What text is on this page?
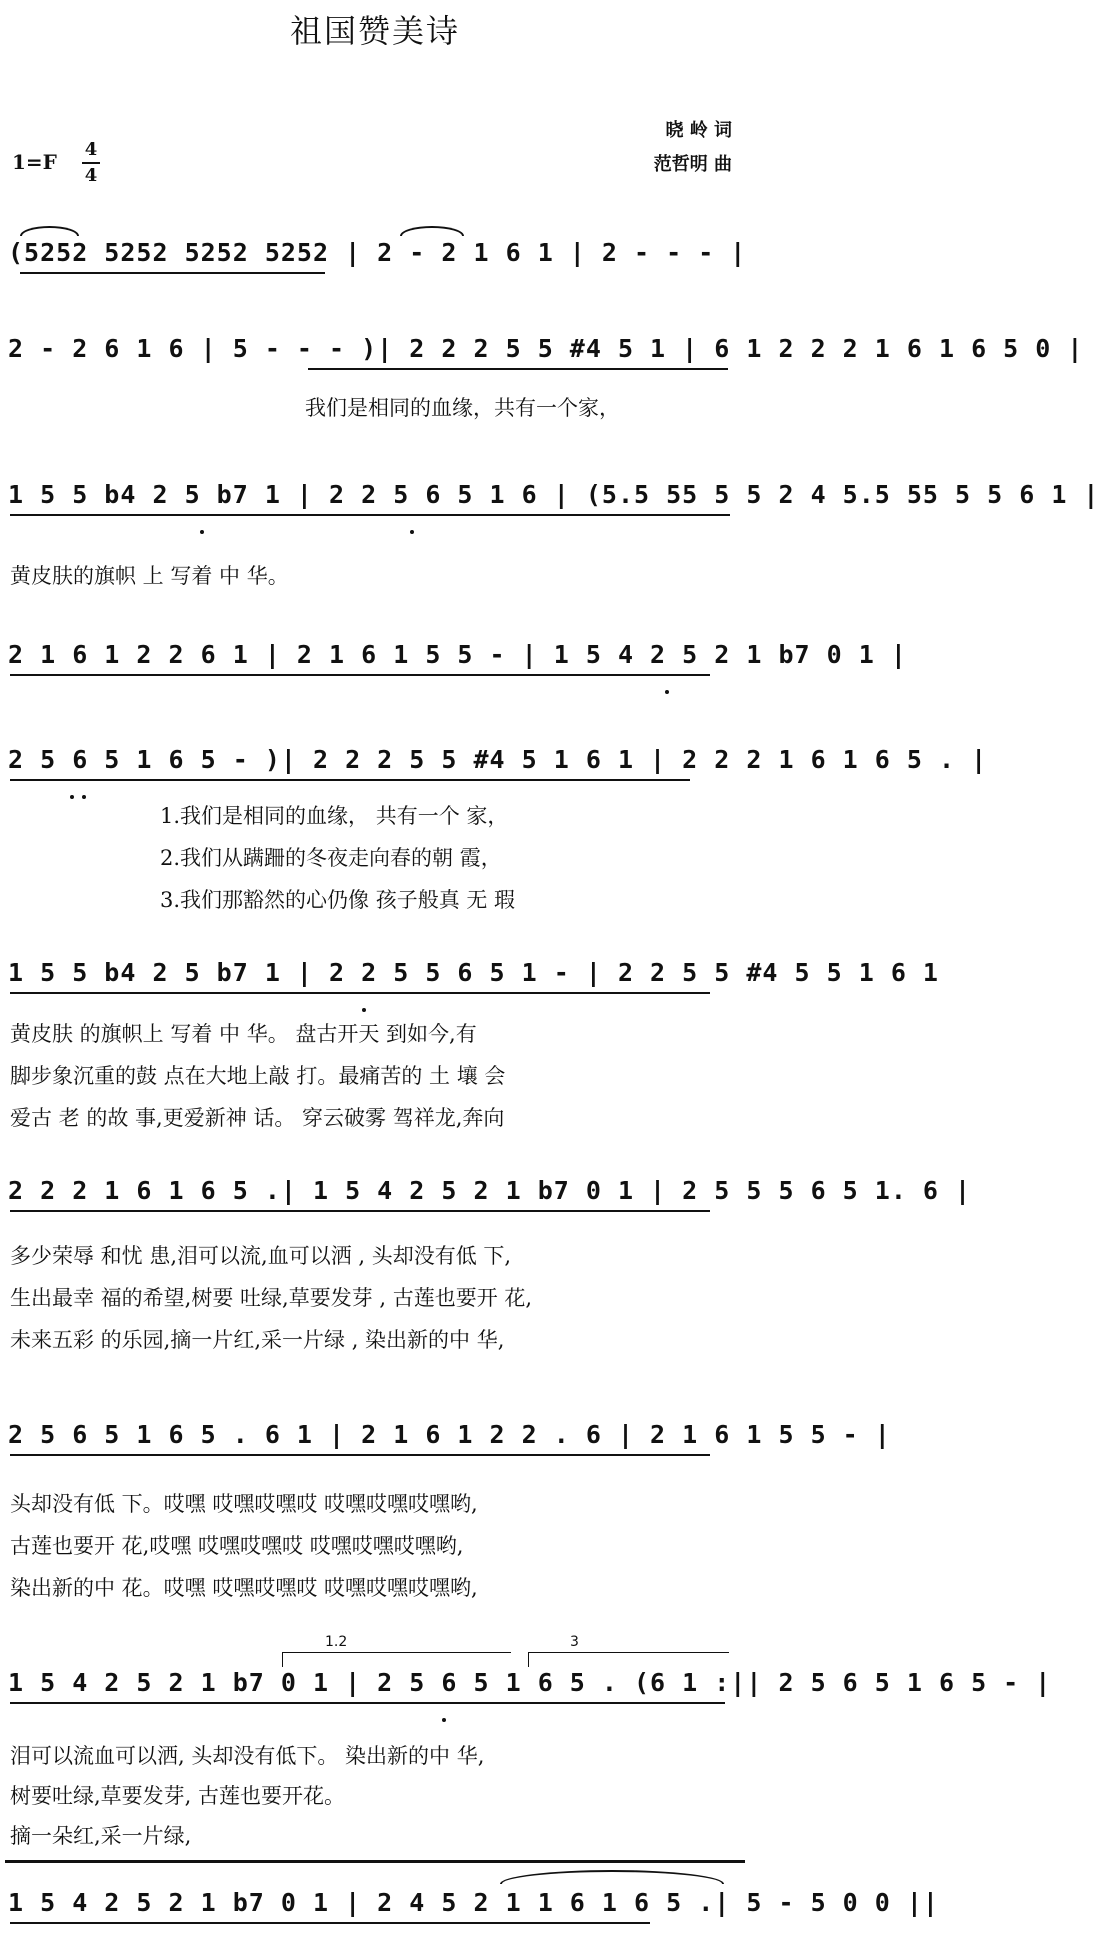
祖国赞美诗
$1=F \frac{4}{4}$
晓 岭 词
范哲明 曲
(5252 5252 5252 5252 | 2 - 2 1 6 1 | 2 - - - |
2 - 2 6 1 6 | 5 - - - )| 2 2 2 5 5 #4 5 1 | 6 1 2 2 2 1 6 1 6 5 0 |
我们是相同的血缘，共有一个家，
1 5 5 b4 2 5 b7 1 | 2 2 5 6 5 1 6 | (5.5 55 5 5 2 4 5.5 55 5 5 6 1 |
黄皮肤的旗帜 上 写着 中 华。
2 1 6 1 2 2 6 1 | 2 1 6 1 5 5 - | 1 5 4 2 5 2 1 b7 0 1 |
2 5 6 5 1 6 5 - )| 2 2 2 5 5 #4 5 1 6 1 | 2 2 2 1 6 1 6 5 . |
1.我们是相同的血缘， 共有一个 家，
2.我们从蹒跚的冬夜走向春的朝 霞，
3.我们那豁然的心仍像 孩子般真 无 瑕
1 5 5 b4 2 5 b7 1 | 2 2 5 5 6 5 1 - | 2 2 5 5 #4 5 5 1 6 1
黄皮肤 的旗帜上 写着 中 华。 盘古开天 到如今,有
脚步象沉重的鼓 点在大地上敲 打。最痛苦的 土 壤 会
爱古 老 的故 事,更爱新神 话。 穿云破雾 驾祥龙,奔向
2 2 2 1 6 1 6 5 .| 1 5 4 2 5 2 1 b7 0 1 | 2 5 5 5 6 5 1. 6 |
多少荣辱 和忧 患,泪可以流,血可以洒 , 头却没有低 下,
生出最幸 福的希望,树要 吐绿,草要发芽 , 古莲也要开 花,
未来五彩 的乐园,摘一片红,采一片绿 , 染出新的中 华,
2 5 6 5 1 6 5 . 6 1 | 2 1 6 1 2 2 . 6 | 2 1 6 1 5 5 - |
头却没有低 下。哎嘿 哎嘿哎嘿哎 哎嘿哎嘿哎嘿哟,
古莲也要开 花,哎嘿 哎嘿哎嘿哎 哎嘿哎嘿哎嘿哟,
染出新的中 花。哎嘿 哎嘿哎嘿哎 哎嘿哎嘿哎嘿哟,
1.2	3
1 5 4 2 5 2 1 b7 0 1 | 2 5 6 5 1 6 5 . (6 1 :|| 2 5 6 5 1 6 5 - |
泪可以流血可以洒, 头却没有低下。 染出新的中 华,
树要吐绿,草要发芽, 古莲也要开花。
摘一朵红,采一片绿,
1 5 4 2 5 2 1 b7 0 1 | 2 4 5 2 1 1 6 1 6 5 .| 5 - 5 0 0 ||
